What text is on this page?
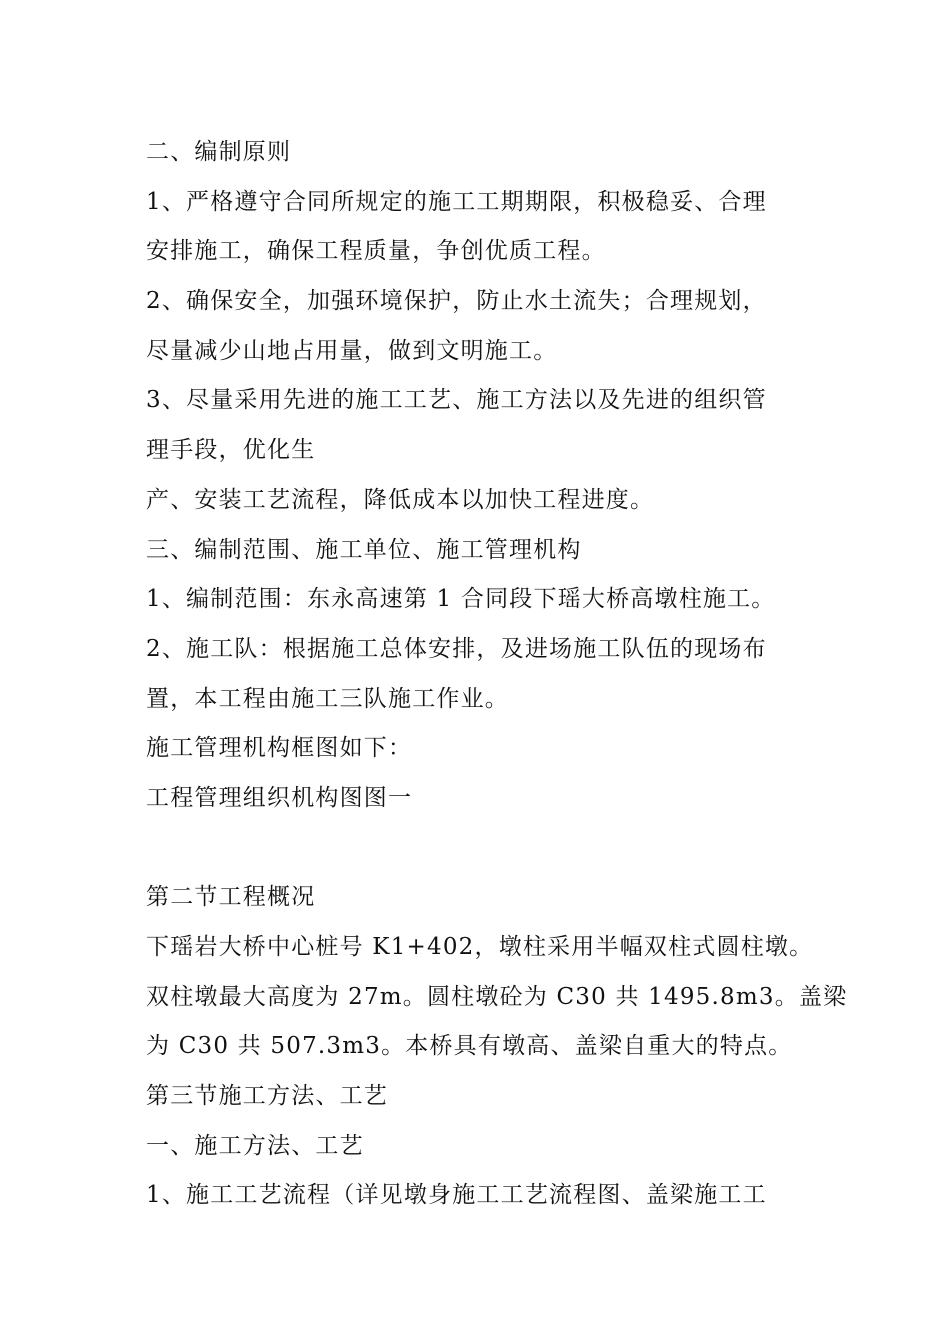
二、编制原则
1、严格遵守合同所规定的施工工期期限，积极稳妥、合理
安排施工，确保工程质量，争创优质工程。
2、确保安全，加强环境保护，防止水土流失；合理规划，
尽量减少山地占用量，做到文明施工。
3、尽量采用先进的施工工艺、施工方法以及先进的组织管
理手段，优化生
产、安装工艺流程，降低成本以加快工程进度。
三、编制范围、施工单位、施工管理机构
1、编制范围：东永高速第 1 合同段下瑶大桥高墩柱施工。
2、施工队：根据施工总体安排，及进场施工队伍的现场布
置，本工程由施工三队施工作业。
施工管理机构框图如下：
工程管理组织机构图图一
第二节工程概况
下瑶岩大桥中心桩号 K1+402，墩柱采用半幅双柱式圆柱墩。
双柱墩最大高度为 27m。圆柱墩砼为 C30 共 1495.8m3。盖梁
为 C30 共 507.3m3。本桥具有墩高、盖梁自重大的特点。
第三节施工方法、工艺
一、施工方法、工艺
1、施工工艺流程（详见墩身施工工艺流程图、盖梁施工工
